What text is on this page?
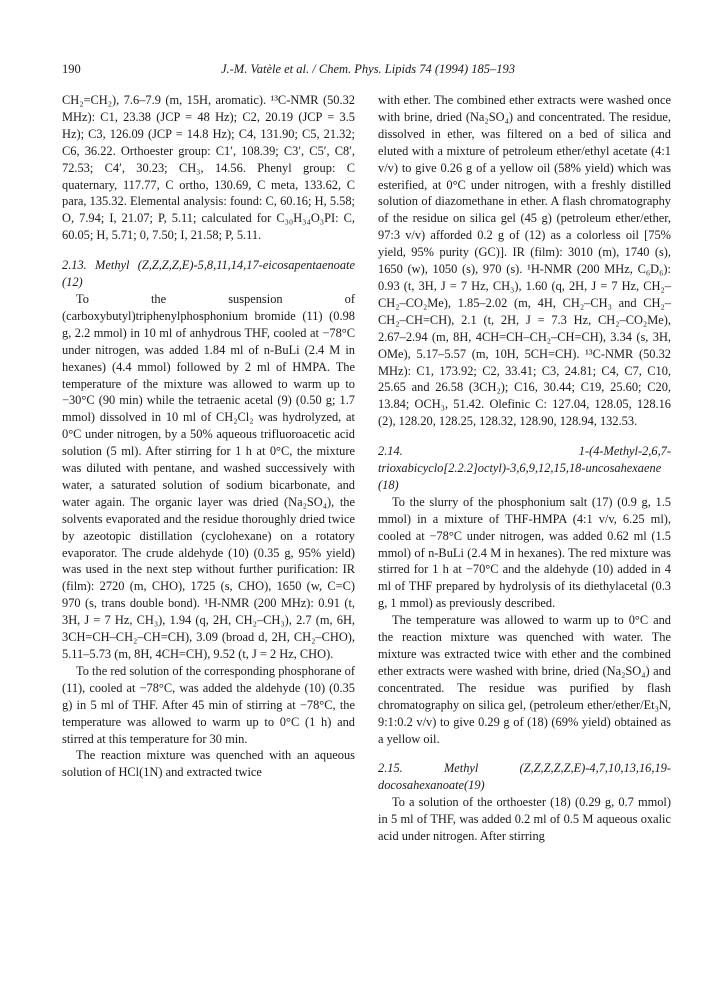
190	J.-M. Vatèle et al. / Chem. Phys. Lipids 74 (1994) 185–193

CH₂=CH₂), 7.6–7.9 (m, 15H, aromatic). ¹³C-NMR (50.32 MHz): C1, 23.38 (JCP = 48 Hz); C2, 20.19 (JCP = 3.5 Hz); C3, 126.09 (JCP = 14.8 Hz); C4, 131.90; C5, 21.32; C6, 36.22. Orthoester group: C1′, 108.39; C3′, C5′, C8′, 72.53; C4′, 30.23; CH₃, 14.56. Phenyl group: C quaternary, 117.77, C ortho, 130.69, C meta, 133.62, C para, 135.32. Elemental analysis: found: C, 60.16; H, 5.58; O, 7.94; I, 21.07; P, 5.11; calculated for C₃₀H₃₄O₃PI: C, 60.05; H, 5.71; 0, 7.50; I, 21.58; P, 5.11.

2.13. Methyl (Z,Z,Z,Z,E)-5,8,11,14,17-eicosapentaenoate (12)

To the suspension of (carboxybutyl)triphenylphosphonium bromide (11) (0.98 g, 2.2 mmol) in 10 ml of anhydrous THF, cooled at −78°C under nitrogen, was added 1.84 ml of n-BuLi (2.4 M in hexanes) (4.4 mmol) followed by 2 ml of HMPA. The temperature of the mixture was allowed to warm up to −30°C (90 min) while the tetraenic acetal (9) (0.50 g; 1.7 mmol) dissolved in 10 ml of CH₂Cl₂ was hydrolyzed, at 0°C under nitrogen, by a 50% aqueous trifluoroacetic acid solution (5 ml). After stirring for 1 h at 0°C, the mixture was diluted with pentane, and washed successively with water, a saturated solution of sodium bicarbonate, and water again. The organic layer was dried (Na₂SO₄), the solvents evaporated and the residue thoroughly dried twice by azeotopic distillation (cyclohexane) on a rotatory evaporator. The crude aldehyde (10) (0.35 g, 95% yield) was used in the next step without further purification: IR (film): 2720 (m, CHO), 1725 (s, CHO), 1650 (w, C=C) 970 (s, trans double bond). ¹H-NMR (200 MHz): 0.91 (t, 3H, J = 7 Hz, CH₃), 1.94 (q, 2H, CH₂–CH₃), 2.7 (m, 6H, 3CH=CH–CH₂–CH=CH), 3.09 (broad d, 2H, CH₂–CHO), 5.11–5.73 (m, 8H, 4CH=CH), 9.52 (t, J = 2 Hz, CHO).

To the red solution of the corresponding phosphorane of (11), cooled at −78°C, was added the aldehyde (10) (0.35 g) in 5 ml of THF. After 45 min of stirring at −78°C, the temperature was allowed to warm up to 0°C (1 h) and stirred at this temperature for 30 min.

The reaction mixture was quenched with an aqueous solution of HCl(1N) and extracted twice

with ether. The combined ether extracts were washed once with brine, dried (Na₂SO₄) and concentrated. The residue, dissolved in ether, was filtered on a bed of silica and eluted with a mixture of petroleum ether/ethyl acetate (4:1 v/v) to give 0.26 g of a yellow oil (58% yield) which was esterified, at 0°C under nitrogen, with a freshly distilled solution of diazomethane in ether. A flash chromatography of the residue on silica gel (45 g) (petroleum ether/ether, 97:3 v/v) afforded 0.2 g of (12) as a colorless oil [75% yield, 95% purity (GC)]. IR (film): 3010 (m), 1740 (s), 1650 (w), 1050 (s), 970 (s). ¹H-NMR (200 MHz, C₆D₆): 0.93 (t, 3H, J = 7 Hz, CH₃), 1.60 (q, 2H, J = 7 Hz, CH₂–CH₂–CO₂Me), 1.85–2.02 (m, 4H, CH₂–CH₃ and CH₂–CH₂–CH=CH), 2.1 (t, 2H, J = 7.3 Hz, CH₂–CO₂Me), 2.67–2.94 (m, 8H, 4CH=CH–CH₂–CH=CH), 3.34 (s, 3H, OMe), 5.17–5.57 (m, 10H, 5CH=CH). ¹³C-NMR (50.32 MHz): C1, 173.92; C2, 33.41; C3, 24.81; C4, C7, C10, 25.65 and 26.58 (3CH₂); C16, 30.44; C19, 25.60; C20, 13.84; OCH₃, 51.42. Olefinic C: 127.04, 128.05, 128.16 (2), 128.20, 128.25, 128.32, 128.90, 128.94, 132.53.

2.14. 1-(4-Methyl-2,6,7-trioxabicyclo[2.2.2]octyl)-3,6,9,12,15,18-uncosahexaene (18)

To the slurry of the phosphonium salt (17) (0.9 g, 1.5 mmol) in a mixture of THF-HMPA (4:1 v/v, 6.25 ml), cooled at −78°C under nitrogen, was added 0.62 ml (1.5 mmol) of n-BuLi (2.4 M in hexanes). The red mixture was stirred for 1 h at −70°C and the aldehyde (10) added in 4 ml of THF prepared by hydrolysis of its diethylacetal (0.3 g, 1 mmol) as previously described.

The temperature was allowed to warm up to 0°C and the reaction mixture was quenched with water. The mixture was extracted twice with ether and the combined ether extracts were washed with brine, dried (Na₂SO₄) and concentrated. The residue was purified by flash chromatography on silica gel, (petroleum ether/ether/Et₃N, 9:1:0.2 v/v) to give 0.29 g of (18) (69% yield) obtained as a yellow oil.

2.15. Methyl (Z,Z,Z,Z,Z,E)-4,7,10,13,16,19-docosahexanoate(19)

To a solution of the orthoester (18) (0.29 g, 0.7 mmol) in 5 ml of THF, was added 0.2 ml of 0.5 M aqueous oxalic acid under nitrogen. After stirring
